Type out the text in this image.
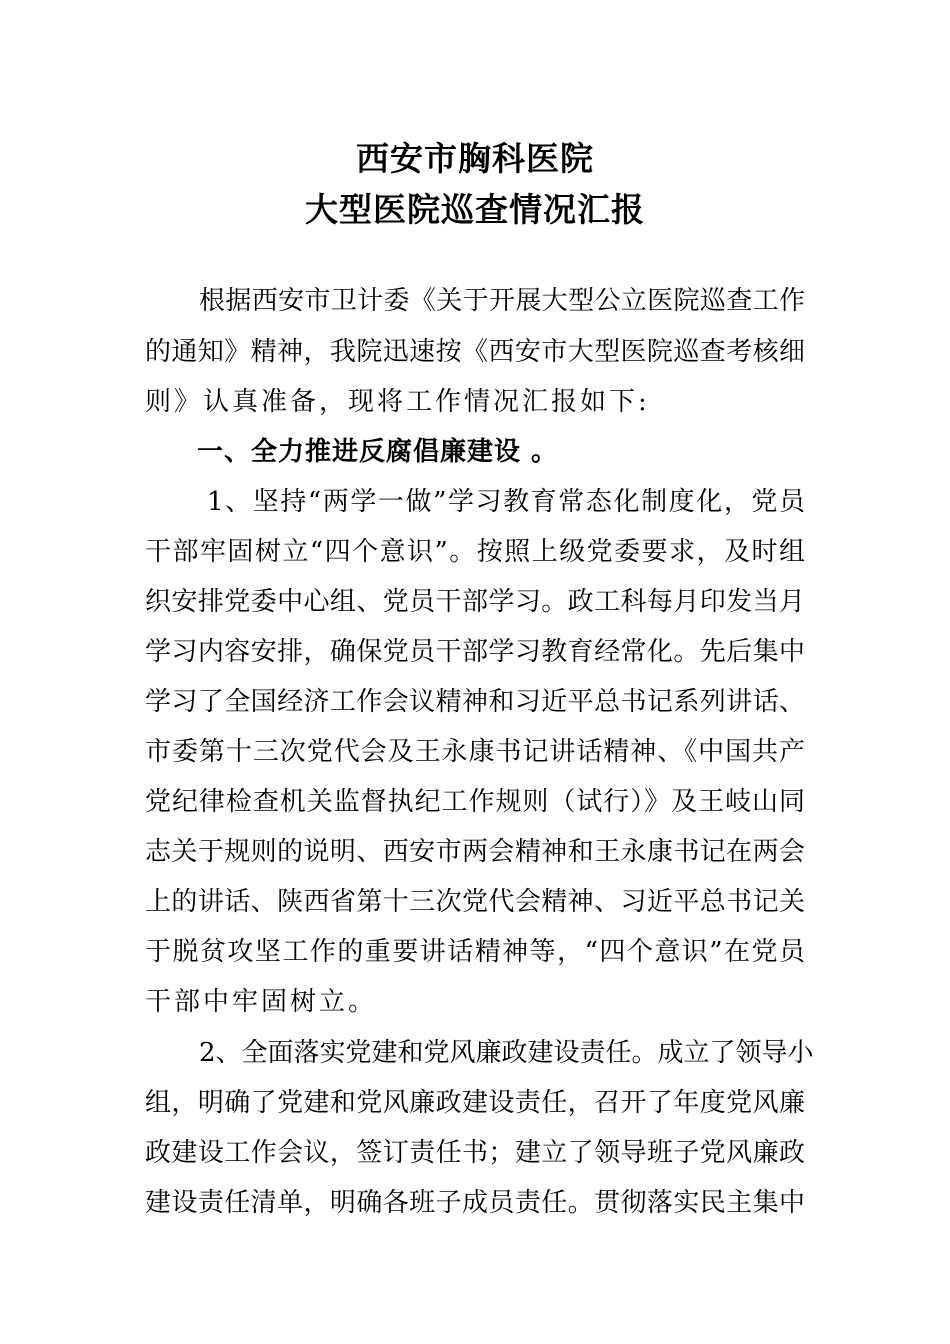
西安市胸科医院
大型医院巡查情况汇报
根据西安市卫计委《关于开展大型公立医院巡查工作
的通知》精神，我院迅速按《西安市大型医院巡查考核细
则》认真准备，现将工作情况汇报如下:
一、全力推进反腐倡廉建设 。
1、坚持“两学一做”学习教育常态化制度化，党员
干部牢固树立“四个意识”。按照上级党委要求，及时组
织安排党委中心组、党员干部学习。政工科每月印发当月
学习内容安排，确保党员干部学习教育经常化。先后集中
学习了全国经济工作会议精神和习近平总书记系列讲话、
市委第十三次党代会及王永康书记讲话精神、《中国共产
党纪律检查机关监督执纪工作规则（试行）》及王岐山同
志关于规则的说明、西安市两会精神和王永康书记在两会
上的讲话、陕西省第十三次党代会精神、习近平总书记关
于脱贫攻坚工作的重要讲话精神等，“四个意识”在党员
干部中牢固树立。
2、全面落实党建和党风廉政建设责任。成立了领导小
组，明确了党建和党风廉政建设责任，召开了年度党风廉
政建设工作会议，签订责任书；建立了领导班子党风廉政
建设责任清单，明确各班子成员责任。贯彻落实民主集中
